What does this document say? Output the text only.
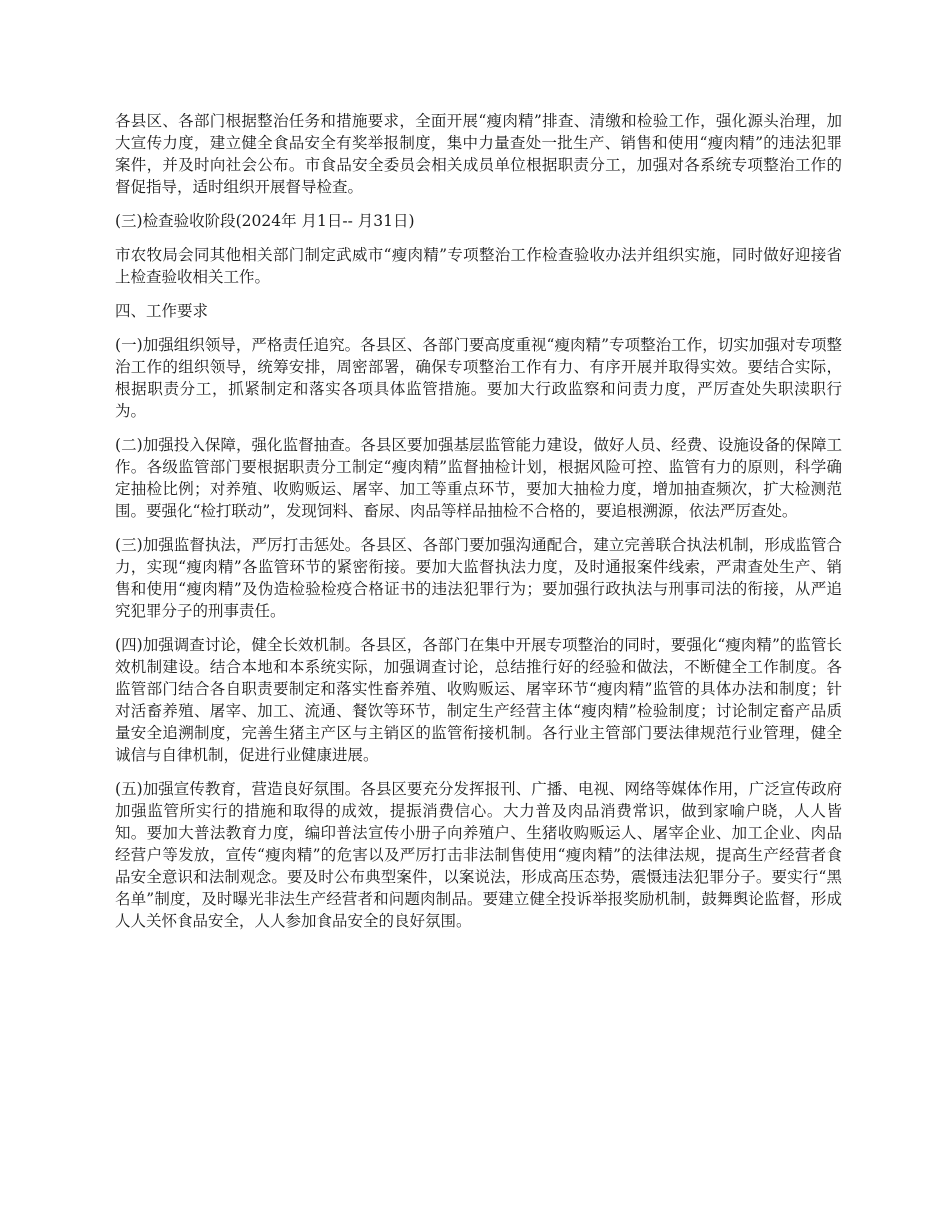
各县区、各部门根据整治任务和措施要求，全面开展“瘦肉精”排查、清缴和检验工作，强化源头治理，加大宣传力度，建立健全食品安全有奖举报制度，集中力量查处一批生产、销售和使用“瘦肉精”的违法犯罪案件，并及时向社会公布。市食品安全委员会相关成员单位根据职责分工，加强对各系统专项整治工作的督促指导，适时组织开展督导检查。

(三)检查验收阶段(2024年 月1日-- 月31日)

市农牧局会同其他相关部门制定武威市“瘦肉精”专项整治工作检查验收办法并组织实施，同时做好迎接省上检查验收相关工作。

四、工作要求

(一)加强组织领导，严格责任追究。各县区、各部门要高度重视“瘦肉精”专项整治工作，切实加强对专项整治工作的组织领导，统筹安排，周密部署，确保专项整治工作有力、有序开展并取得实效。要结合实际，根据职责分工，抓紧制定和落实各项具体监管措施。要加大行政监察和问责力度，严厉查处失职渎职行为。

(二)加强投入保障，强化监督抽查。各县区要加强基层监管能力建设，做好人员、经费、设施设备的保障工作。各级监管部门要根据职责分工制定“瘦肉精”监督抽检计划，根据风险可控、监管有力的原则，科学确定抽检比例；对养殖、收购贩运、屠宰、加工等重点环节，要加大抽检力度，增加抽查频次，扩大检测范围。要强化“检打联动”，发现饲料、畜尿、肉品等样品抽检不合格的，要追根溯源，依法严厉查处。

(三)加强监督执法，严厉打击惩处。各县区、各部门要加强沟通配合，建立完善联合执法机制，形成监管合力，实现“瘦肉精”各监管环节的紧密衔接。要加大监督执法力度，及时通报案件线索，严肃查处生产、销售和使用“瘦肉精”及伪造检验检疫合格证书的违法犯罪行为；要加强行政执法与刑事司法的衔接，从严追究犯罪分子的刑事责任。

(四)加强调查讨论，健全长效机制。各县区，各部门在集中开展专项整治的同时，要强化“瘦肉精”的监管长效机制建设。结合本地和本系统实际，加强调查讨论，总结推行好的经验和做法，不断健全工作制度。各监管部门结合各自职责要制定和落实性畜养殖、收购贩运、屠宰环节“瘦肉精”监管的具体办法和制度；针对活畜养殖、屠宰、加工、流通、餐饮等环节，制定生产经营主体“瘦肉精”检验制度；讨论制定畜产品质量安全追溯制度，完善生猪主产区与主销区的监管衔接机制。各行业主管部门要法律规范行业管理，健全诚信与自律机制，促进行业健康进展。

(五)加强宣传教育，营造良好氛围。各县区要充分发挥报刊、广播、电视、网络等媒体作用，广泛宣传政府加强监管所实行的措施和取得的成效，提振消费信心。大力普及肉品消费常识，做到家喻户晓，人人皆知。要加大普法教育力度，编印普法宣传小册子向养殖户、生猪收购贩运人、屠宰企业、加工企业、肉品经营户等发放，宣传“瘦肉精”的危害以及严厉打击非法制售使用“瘦肉精”的法律法规，提高生产经营者食品安全意识和法制观念。要及时公布典型案件，以案说法，形成高压态势，震慑违法犯罪分子。要实行“黑名单”制度，及时曝光非法生产经营者和问题肉制品。要建立健全投诉举报奖励机制，鼓舞舆论监督，形成人人关怀食品安全，人人参加食品安全的良好氛围。
